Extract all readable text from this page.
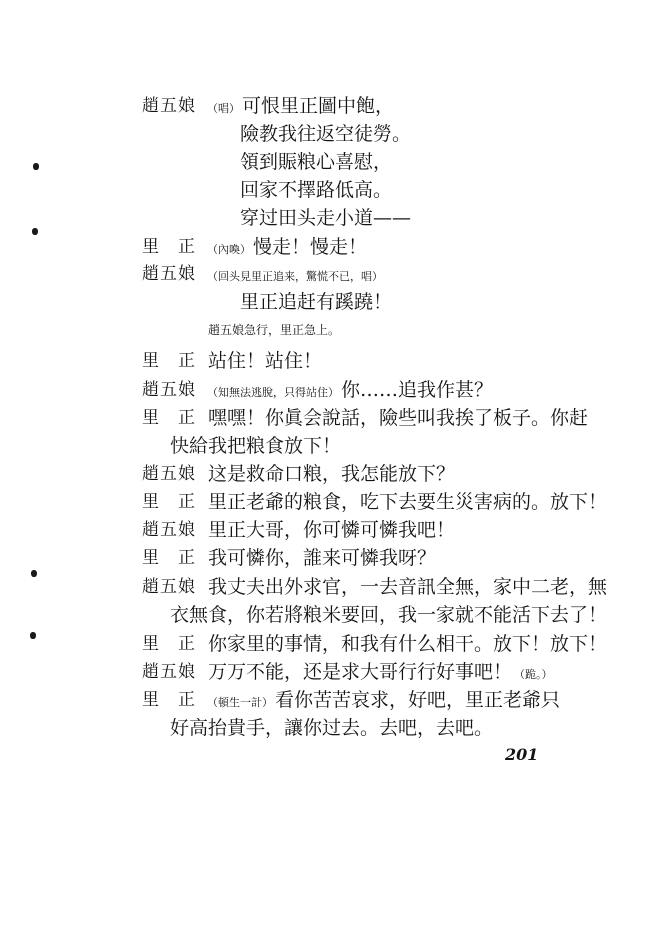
趙五娘 （唱） 可恨里正圖中飽，
險教我往返空徒勞。
領到賑粮心喜慰，
回家不擇路低高。
穿过田头走小道——
里　正 （內喚） 慢走！慢走！
趙五娘 （回头見里正追来，驚慌不已，唱）
里正追赶有蹊蹺！
趙五娘急行，里正急上。
里　正 站住！站住！
趙五娘 （知無法逃脫，只得站住） 你……追我作甚？
里　正 嘿嘿！你眞会說話，險些叫我挨了板子。你赶
快給我把粮食放下！
趙五娘 这是救命口粮，我怎能放下？
里　正 里正老爺的粮食，吃下去要生災害病的。放下！
趙五娘 里正大哥，你可憐可憐我吧！
里　正 我可憐你，誰来可憐我呀？
趙五娘 我丈夫出外求官，一去音訊全無，家中二老，無
衣無食，你若將粮米要回，我一家就不能活下去了！
里　正 你家里的事情，和我有什么相干。放下！放下！
趙五娘 万万不能，还是求大哥行行好事吧！ （跪。）
里　正 （頓生一計） 看你苦苦哀求，好吧，里正老爺只
好高抬貴手，讓你过去。去吧，去吧。
201
